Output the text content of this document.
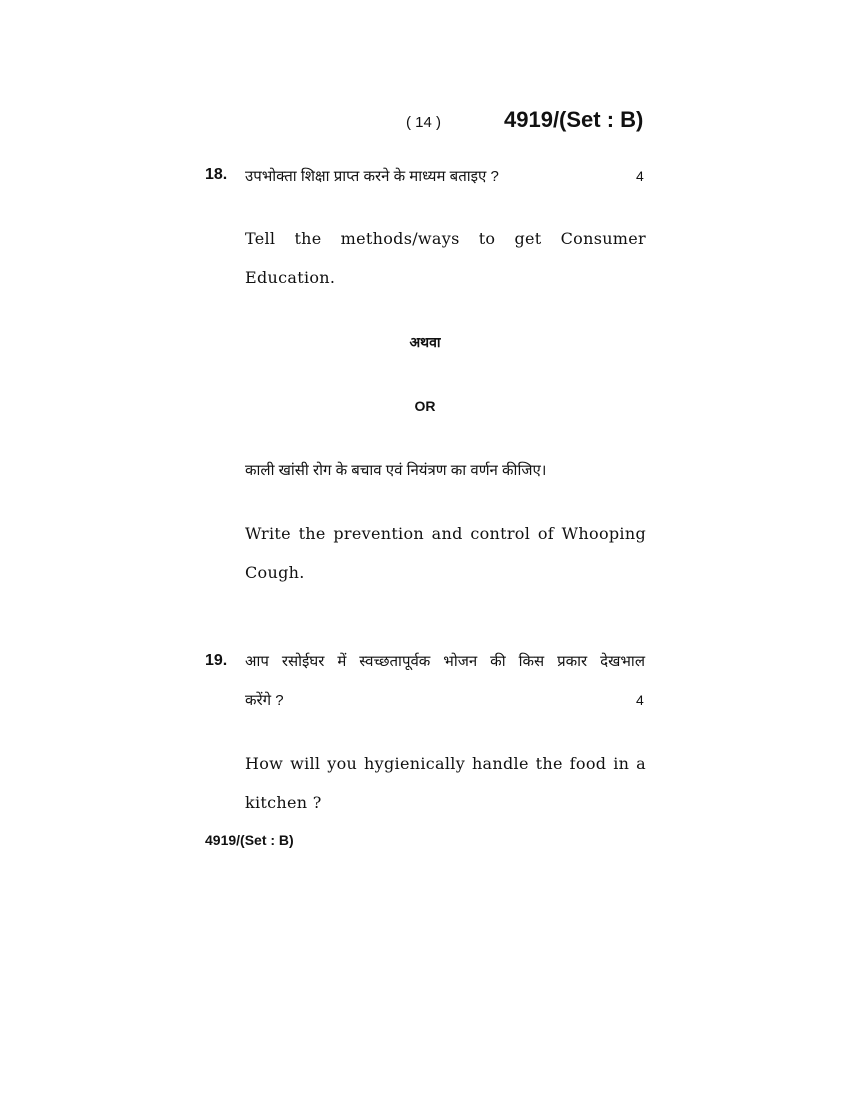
( 14 )	4919/(Set : B)
18. उपभोक्ता शिक्षा प्राप्त करने के माध्यम बताइए ?	4
Tell the methods/ways to get Consumer
Education.
अथवा
OR
काली खांसी रोग के बचाव एवं नियंत्रण का वर्णन कीजिए।
Write the prevention and control of Whooping
Cough.
19. आप रसोईघर में स्वच्छतापूर्वक भोजन की किस प्रकार देखभाल
करेंगे ?	4
How will you hygienically handle the food in a
kitchen ?
4919/(Set : B)
